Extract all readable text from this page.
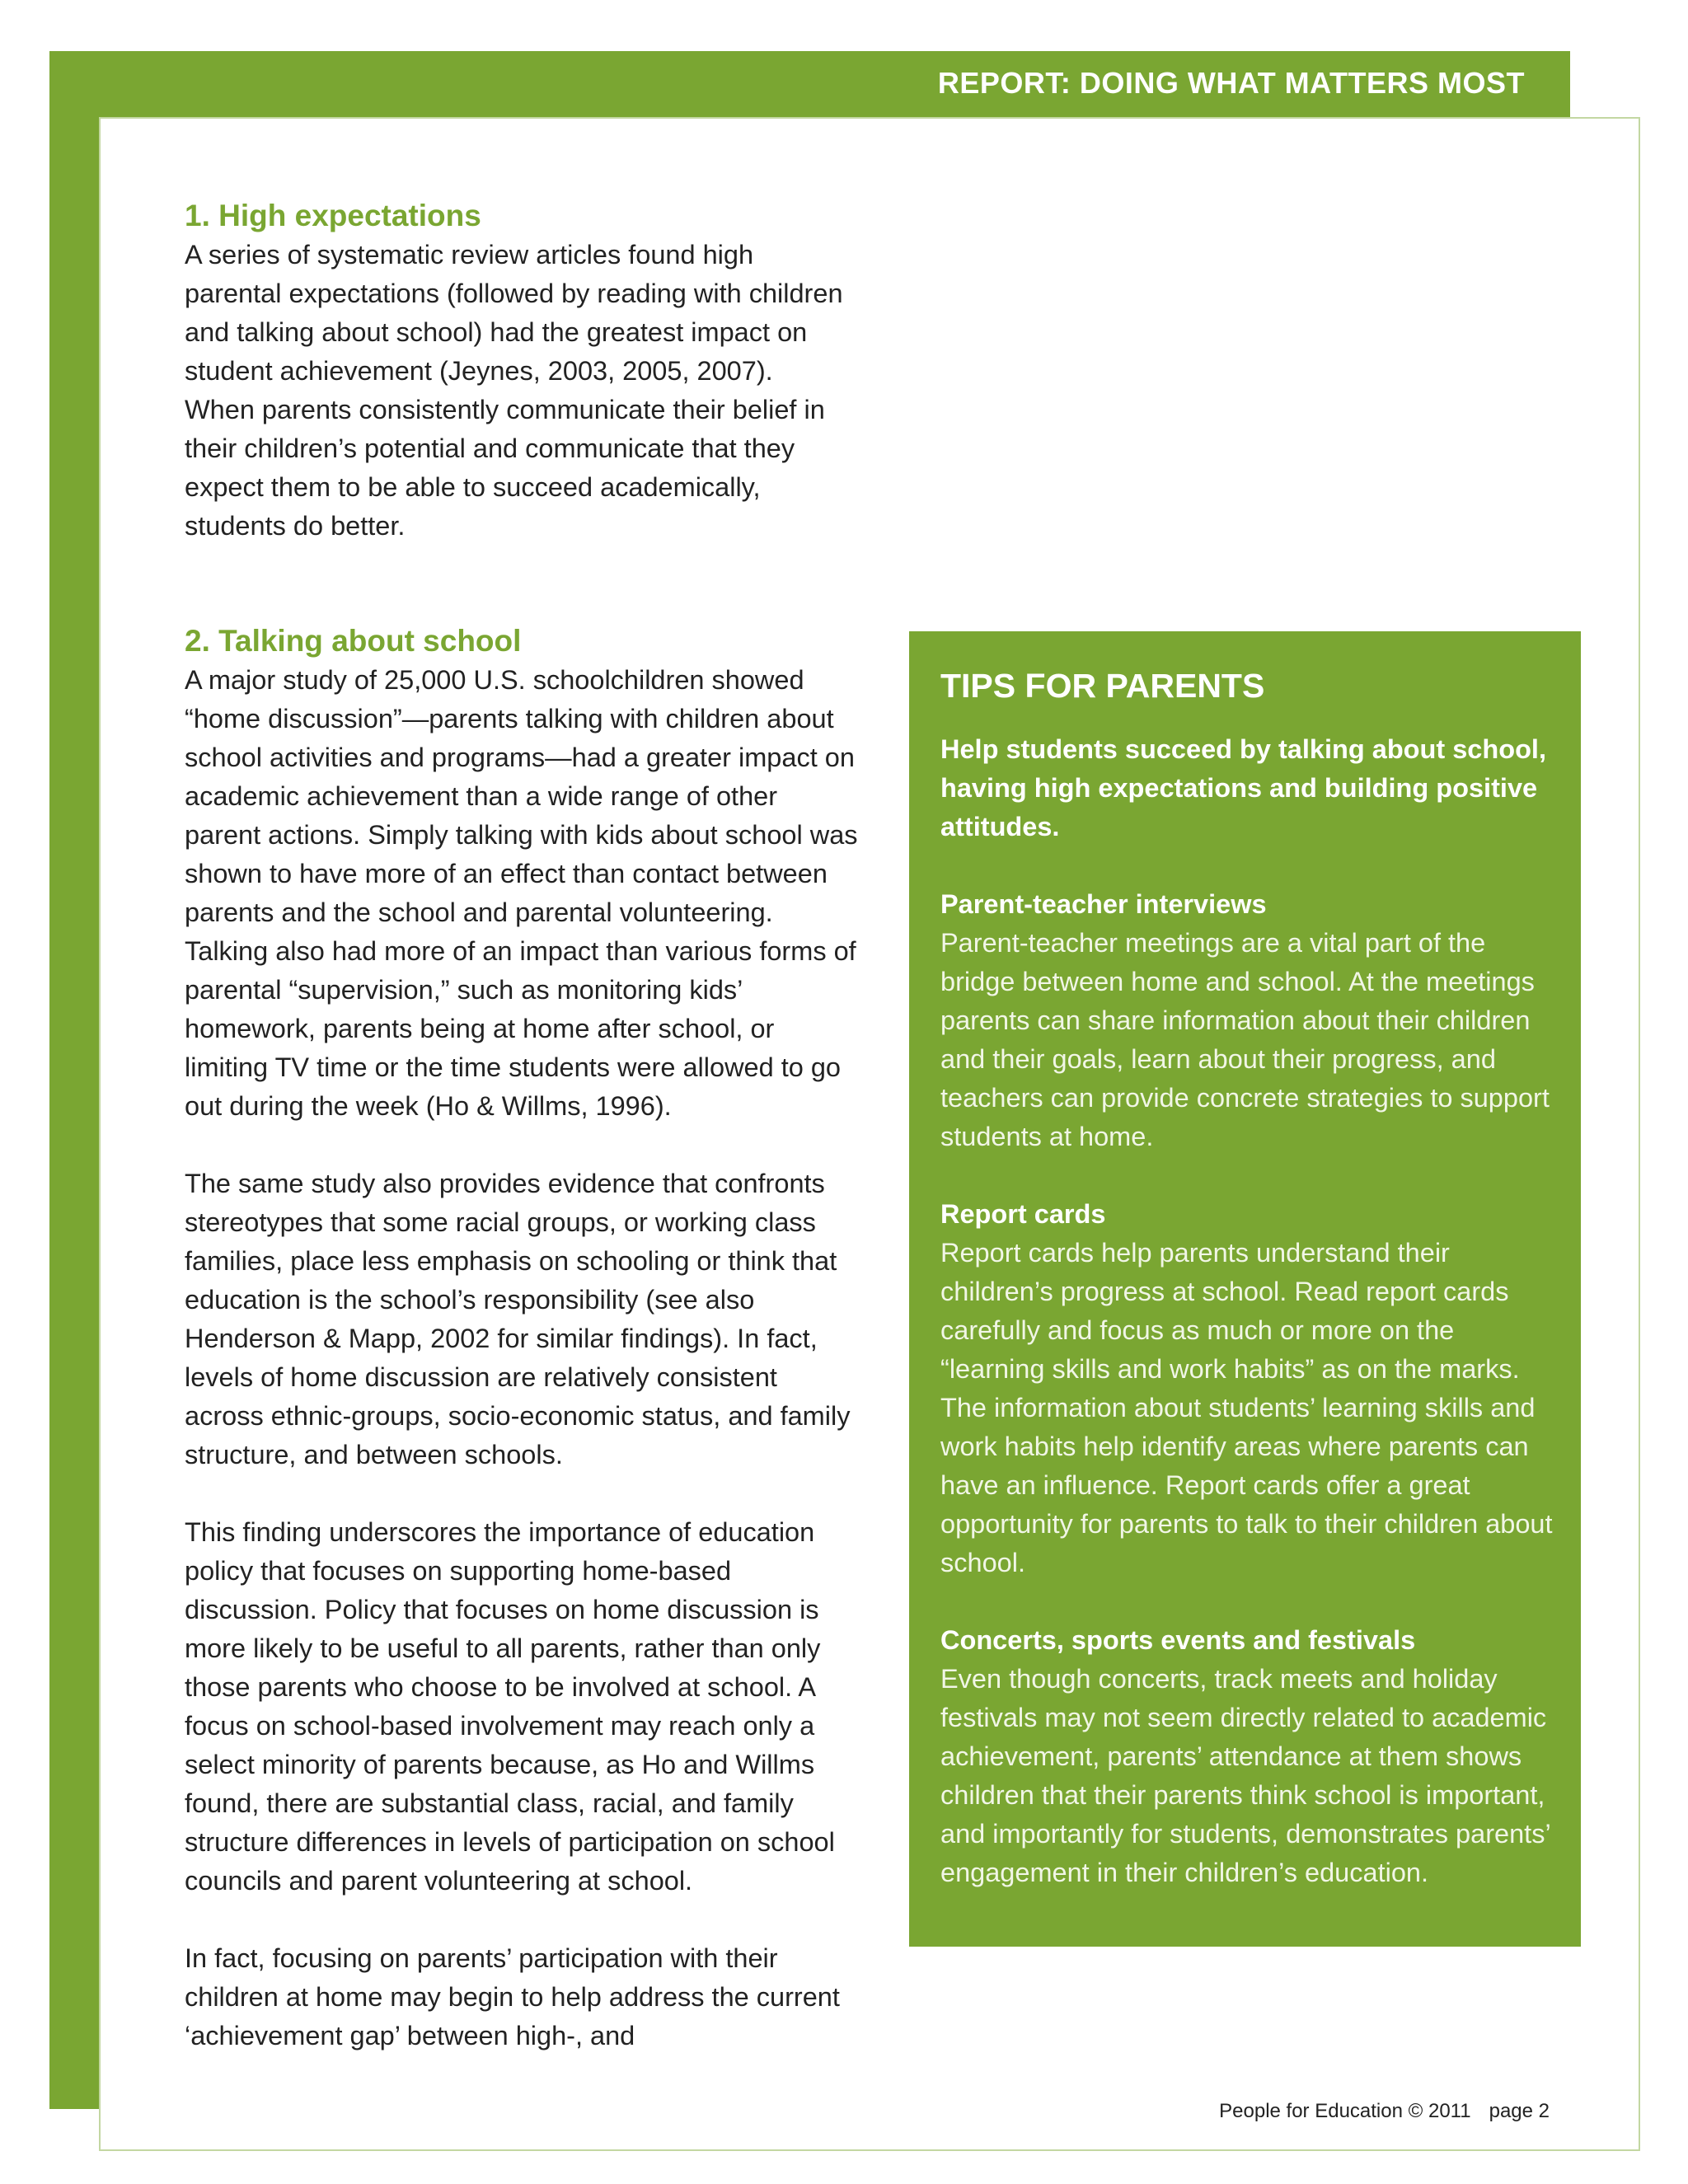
REPORT: DOING WHAT MATTERS MOST
1. High expectations

A series of systematic review articles found high parental expectations (followed by reading with children and talking about school) had the greatest impact on student achievement (Jeynes, 2003, 2005, 2007). When parents consistently communicate their belief in their children’s potential and communicate that they expect them to be able to succeed academically, students do better.

2. Talking about school

A major study of 25,000 U.S. schoolchildren showed “home discussion”—parents talking with children about school activities and programs—had a greater impact on academic achievement than a wide range of other parent actions. Simply talking with kids about school was shown to have more of an effect than contact between parents and the school and parental volunteering. Talking also had more of an impact than various forms of parental “supervision,” such as monitoring kids’ homework, parents being at home after school, or limiting TV time or the time students were allowed to go out during the week (Ho & Willms, 1996).

The same study also provides evidence that confronts stereotypes that some racial groups, or working class families, place less emphasis on schooling or think that education is the school’s responsibility (see also Henderson & Mapp, 2002 for similar findings). In fact, levels of home discussion are relatively consistent across ethnic-groups, socio-economic status, and family structure, and between schools.

This finding underscores the importance of education policy that focuses on supporting home-based discussion. Policy that focuses on home discussion is more likely to be useful to all parents, rather than only those parents who choose to be involved at school. A focus on school-based involvement may reach only a select minority of parents because, as Ho and Willms found, there are substantial class, racial, and family structure differences in levels of participation on school councils and parent volunteering at school.

In fact, focusing on parents’ participation with their children at home may begin to help address the current ‘achievement gap’ between high-, and

TIPS FOR PARENTS

Help students succeed by talking about school, having high expectations and building positive attitudes.

Parent-teacher interviews

Parent-teacher meetings are a vital part of the bridge between home and school. At the meetings parents can share information about their children and their goals, learn about their progress, and teachers can provide concrete strategies to support students at home.

Report cards

Report cards help parents understand their children’s progress at school. Read report cards carefully and focus as much or more on the “learning skills and work habits” as on the marks. The information about students’ learning skills and work habits help identify areas where parents can have an influence. Report cards offer a great opportunity for parents to talk to their children about school.

Concerts, sports events and festivals

Even though concerts, track meets and holiday festivals may not seem directly related to academic achievement, parents’ attendance at them shows children that their parents think school is important, and importantly for students, demonstrates parents’ engagement in their children’s education.

People for Education © 2011 page 2
